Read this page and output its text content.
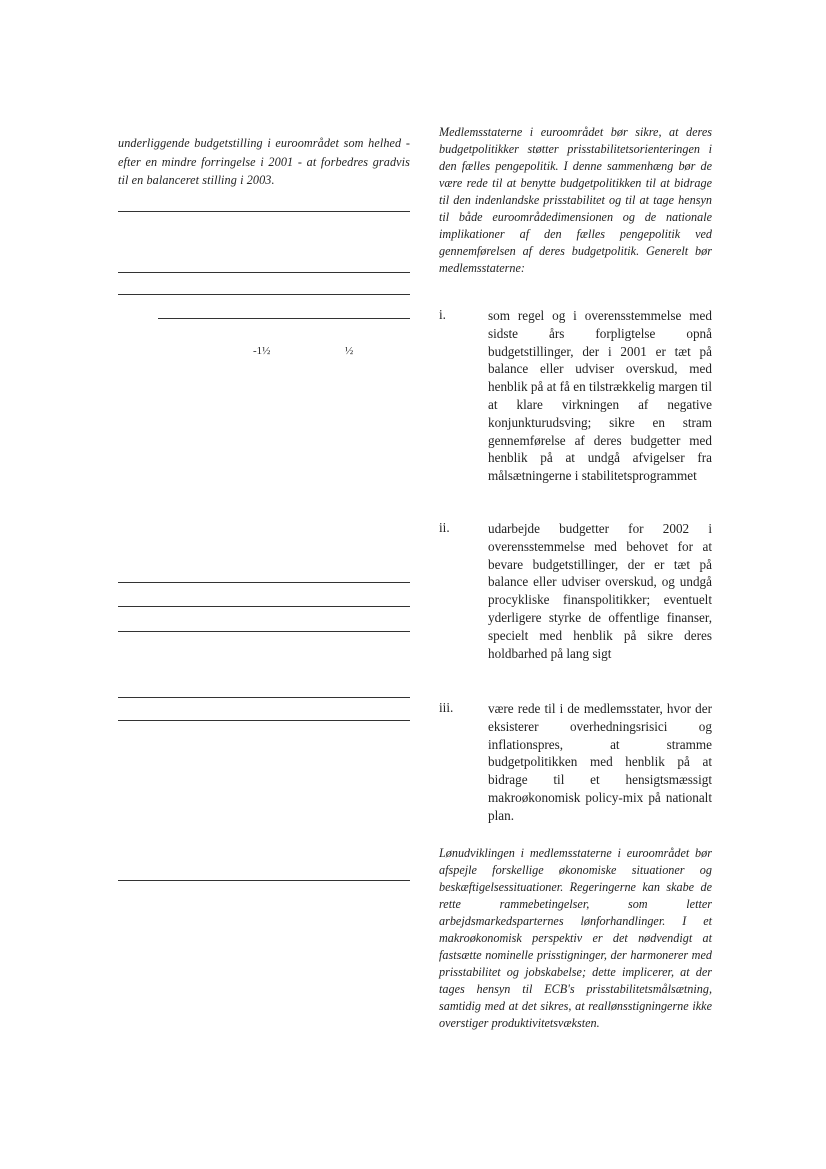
underliggende budgetstilling i euroområdet som helhed - efter en mindre forringelse i 2001 - at forbedres gradvis til en balanceret stilling i 2003.

-1½	½

Medlemsstaterne i euroområdet bør sikre, at deres budgetpolitikker støtter prisstabilitetsorienteringen i den fælles pengepolitik. I denne sammenhæng bør de være rede til at benytte budgetpolitikken til at bidrage til den indenlandske prisstabilitet og til at tage hensyn til både euroområdedimensionen og de nationale implikationer af den fælles pengepolitik ved gennemførelsen af deres budgetpolitik. Generelt bør medlemsstaterne:

i.	som regel og i overensstemmelse med sidste års forpligtelse opnå budgetstillinger, der i 2001 er tæt på balance eller udviser overskud, med henblik på at få en tilstrækkelig margen til at klare virkningen af negative konjunkturudsving; sikre en stram gennemførelse af deres budgetter med henblik på at undgå afvigelser fra målsætningerne i stabilitetsprogrammet

ii.	udarbejde budgetter for 2002 i overensstemmelse med behovet for at bevare budgetstillinger, der er tæt på balance eller udviser overskud, og undgå procykliske finanspolitikker; eventuelt yderligere styrke de offentlige finanser, specielt med henblik på sikre deres holdbarhed på lang sigt

iii.	være rede til i de medlemsstater, hvor der eksisterer overhedningsrisici og inflationspres, at stramme budgetpolitikken med henblik på at bidrage til et hensigtsmæssigt makroøkonomisk policy-mix på nationalt plan.

Lønudviklingen i medlemsstaterne i euroområdet bør afspejle forskellige økonomiske situationer og beskæftigelsessituationer. Regeringerne kan skabe de rette rammebetingelser, som letter arbejdsmarkedsparternes lønforhandlinger. I et makroøkonomisk perspektiv er det nødvendigt at fastsætte nominelle prisstigninger, der harmonerer med prisstabilitet og jobskabelse; dette implicerer, at der tages hensyn til ECB's prisstabilitetsmålsætning, samtidig med at det sikres, at reallønsstigningerne ikke overstiger produktivitetsvæksten.
